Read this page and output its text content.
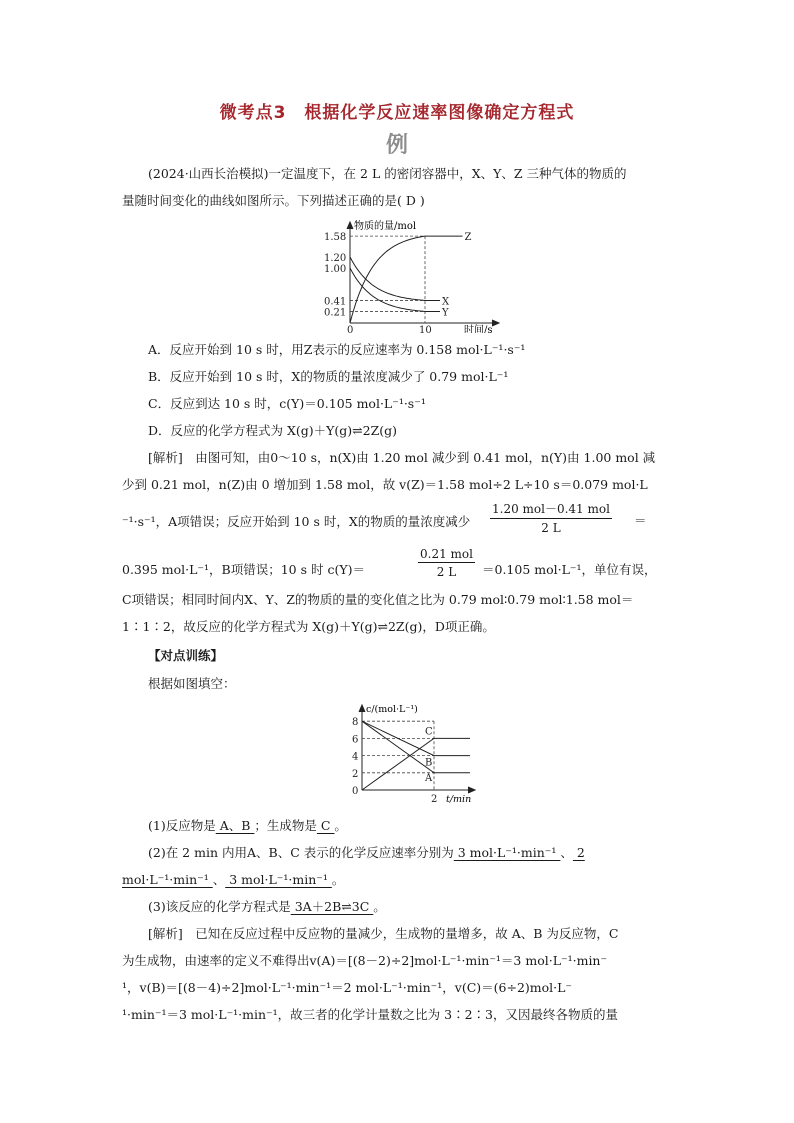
微考点3　根据化学反应速率图像确定方程式
例
(2024·山西长治模拟)一定温度下，在 2 L 的密闭容器中，X、Y、Z 三种气体的物质的
量随时间变化的曲线如图所示。下列描述正确的是( D )
Z
X
Y
1.58
1.20
1.00
0.41
0.21
0	10
物质的量/mol
时间/s
A．反应开始到 10 s 时，用Z表示的反应速率为 0.158 mol·L⁻¹·s⁻¹
B．反应开始到 10 s 时，X的物质的量浓度减少了 0.79 mol·L⁻¹
C．反应到达 10 s 时，c(Y)＝0.105 mol·L⁻¹·s⁻¹
D．反应的化学方程式为 X(g)＋Y(g)⇌2Z(g)
[解析]　由图可知，由0～10 s，n(X)由 1.20 mol 减少到 0.41 mol，n(Y)由 1.00 mol 减
少到 0.21 mol，n(Z)由 0 增加到 1.58 mol，故 v(Z)＝1.58 mol÷2 L÷10 s＝0.079 mol·L
⁻¹·s⁻¹，A项错误；反应开始到 10 s 时，X的物质的量浓度减少
1.20 mol－0.41 mol
2 L	＝
0.395 mol·L⁻¹，B项错误；10 s 时 c(Y)＝
0.21 mol
2 L	＝0.105 mol·L⁻¹，单位有误，
C项错误；相同时间内X、Y、Z的物质的量的变化值之比为 0.79 mol∶0.79 mol∶1.58 mol＝
1∶1∶2，故反应的化学方程式为 X(g)＋Y(g)⇌2Z(g)，D项正确。
【对点训练】
根据如图填空：
A
B
C
8
6
4
2
0
2
c/(mol·L⁻¹)
t/min
(1)反应物是 A、B ；生成物是 C 。
(2)在 2 min 内用A、B、C 表示的化学反应速率分别为 3 mol·L⁻¹·min⁻¹ 、 2
mol·L⁻¹·min⁻¹ 、 3 mol·L⁻¹·min⁻¹ 。
(3)该反应的化学方程式是 3A＋2B⇌3C 。
[解析]　已知在反应过程中反应物的量减少，生成物的量增多，故 A、B 为反应物，C
为生成物，由速率的定义不难得出v(A)＝[(8－2)÷2]mol·L⁻¹·min⁻¹＝3 mol·L⁻¹·min⁻
¹，v(B)＝[(8－4)÷2]mol·L⁻¹·min⁻¹＝2 mol·L⁻¹·min⁻¹，v(C)＝(6÷2)mol·L⁻
¹·min⁻¹＝3 mol·L⁻¹·min⁻¹，故三者的化学计量数之比为 3∶2∶3，又因最终各物质的量
